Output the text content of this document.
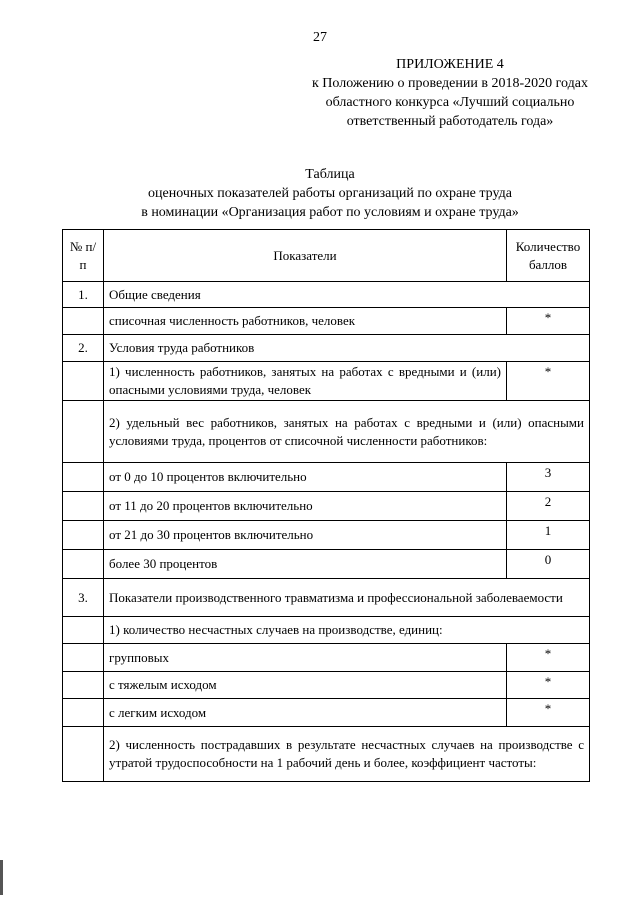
27
ПРИЛОЖЕНИЕ 4
к Положению о проведении в 2018-2020 годах
областного конкурса «Лучший социально
ответственный работодатель года»
Таблица
оценочных показателей работы организаций по охране труда
в номинации «Организация работ по условиям и охране труда»
№ п/п	Показатели	Количество баллов
1.	Общие сведения	
	списочная численность работников, человек	*
2.	Условия труда работников	
	1) численность работников, занятых на работах с вредными и (или) опасными условиями труда, человек	*
	2) удельный вес работников, занятых на работах с вредными и (или) опасными условиями труда, процентов от списочной численности работников:	
	от 0 до 10 процентов включительно	3
	от 11 до 20 процентов включительно	2
	от 21 до 30 процентов включительно	1
	более 30 процентов	0
3.	Показатели производственного травматизма и профессиональной заболеваемости	
	1) количество несчастных случаев на производстве, единиц:	
	групповых	*
	с тяжелым исходом	*
	с легким исходом	*
	2) численность пострадавших в результате несчастных случаев на производстве с утратой трудоспособности на 1 рабочий день и более, коэффициент частоты:	
